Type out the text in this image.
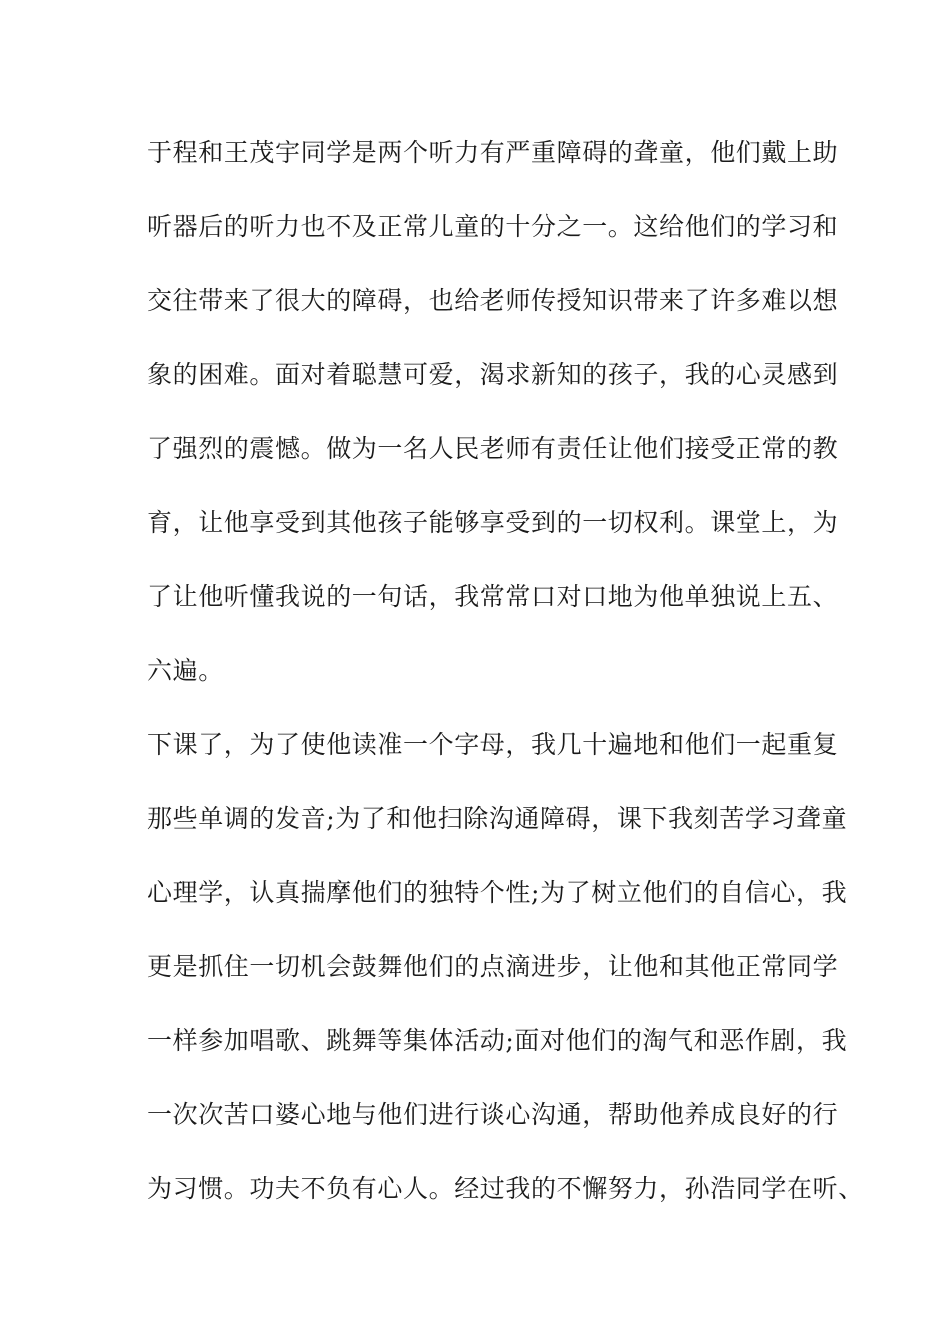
于程和王茂宇同学是两个听力有严重障碍的聋童，他们戴上助
听器后的听力也不及正常儿童的十分之一。这给他们的学习和
交往带来了很大的障碍，也给老师传授知识带来了许多难以想
象的困难。面对着聪慧可爱，渴求新知的孩子，我的心灵感到
了强烈的震憾。做为一名人民老师有责任让他们接受正常的教
育，让他享受到其他孩子能够享受到的一切权利。课堂上，为
了让他听懂我说的一句话，我常常口对口地为他单独说上五、
六遍。
下课了，为了使他读准一个字母，我几十遍地和他们一起重复
那些单调的发音;为了和他扫除沟通障碍，课下我刻苦学习聋童
心理学，认真揣摩他们的独特个性;为了树立他们的自信心，我
更是抓住一切机会鼓舞他们的点滴进步，让他和其他正常同学
一样参加唱歌、跳舞等集体活动;面对他们的淘气和恶作剧，我
一次次苦口婆心地与他们进行谈心沟通，帮助他养成良好的行
为习惯。功夫不负有心人。经过我的不懈努力，孙浩同学在听、
